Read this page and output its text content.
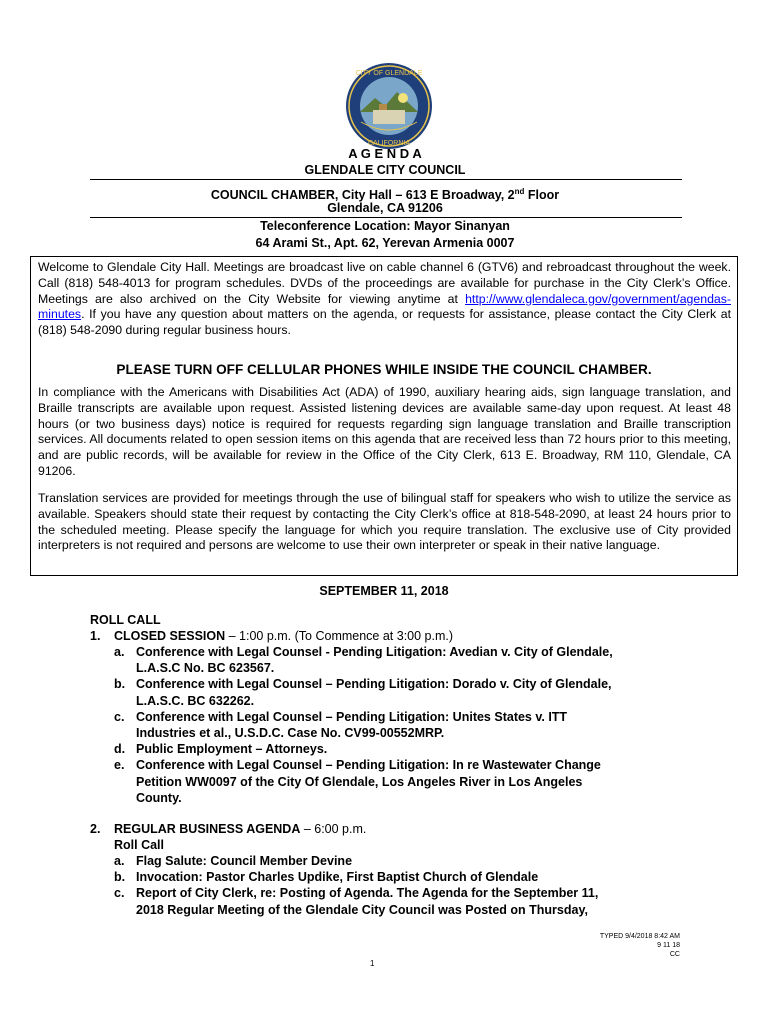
CITY OF GLENDALE
CALIFORNIA
A G E N D A
GLENDALE CITY COUNCIL
COUNCIL CHAMBER, City Hall – 613 E Broadway, 2nd Floor
Glendale, CA 91206
Teleconference Location: Mayor Sinanyan
64 Arami St., Apt. 62, Yerevan Armenia 0007
Welcome to Glendale City Hall. Meetings are broadcast live on cable channel 6 (GTV6) and rebroadcast throughout the week. Call (818) 548-4013 for program schedules. DVDs of the proceedings are available for purchase in the City Clerk’s Office. Meetings are also archived on the City Website for viewing anytime at http://www.glendaleca.gov/government/agendas-minutes. If you have any question about matters on the agenda, or requests for assistance, please contact the City Clerk at (818) 548-2090 during regular business hours.
PLEASE TURN OFF CELLULAR PHONES WHILE INSIDE THE COUNCIL CHAMBER.
In compliance with the Americans with Disabilities Act (ADA) of 1990, auxiliary hearing aids, sign language translation, and Braille transcripts are available upon request. Assisted listening devices are available same-day upon request. At least 48 hours (or two business days) notice is required for requests regarding sign language translation and Braille transcription services. All documents related to open session items on this agenda that are received less than 72 hours prior to this meeting, and are public records, will be available for review in the Office of the City Clerk, 613 E. Broadway, RM 110, Glendale, CA 91206.
Translation services are provided for meetings through the use of bilingual staff for speakers who wish to utilize the service as available. Speakers should state their request by contacting the City Clerk’s office at 818-548-2090, at least 24 hours prior to the scheduled meeting. Please specify the language for which you require translation. The exclusive use of City provided interpreters is not required and persons are welcome to use their own interpreter or speak in their native language.
SEPTEMBER 11, 2018
ROLL CALL
1. CLOSED SESSION – 1:00 p.m. (To Commence at 3:00 p.m.)
a. Conference with Legal Counsel - Pending Litigation: Avedian v. City of Glendale,
L.A.S.C No. BC 623567.
b. Conference with Legal Counsel – Pending Litigation: Dorado v. City of Glendale,
L.A.S.C. BC 632262.
c. Conference with Legal Counsel – Pending Litigation: Unites States v. ITT
Industries et al., U.S.D.C. Case No. CV99-00552MRP.
d. Public Employment – Attorneys.
e. Conference with Legal Counsel – Pending Litigation: In re Wastewater Change
Petition WW0097 of the City Of Glendale, Los Angeles River in Los Angeles
County.
2. REGULAR BUSINESS AGENDA – 6:00 p.m.
Roll Call
a. Flag Salute: Council Member Devine
b. Invocation: Pastor Charles Updike, First Baptist Church of Glendale
c. Report of City Clerk, re: Posting of Agenda. The Agenda for the September 11,
2018 Regular Meeting of the Glendale City Council was Posted on Thursday,
TYPED 9/4/2018 8:42 AM
9 11 18
CC
1
